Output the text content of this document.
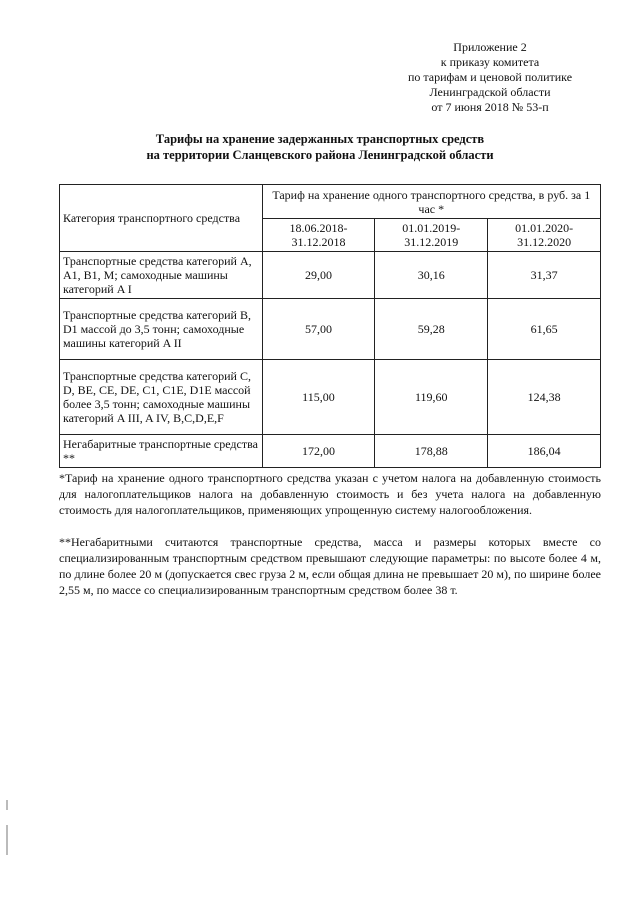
Приложение 2
к приказу комитета
по тарифам и ценовой политике
Ленинградской области
от 7 июня 2018 № 53-п
Тарифы на хранение задержанных транспортных средств
на территории Сланцевского района Ленинградской области
Категория транспортного средства	Тариф на хранение одного транспортного средства, в руб. за 1 час *		
	18.06.2018-31.12.2018	01.01.2019-31.12.2019	01.01.2020-31.12.2020
Транспортные средства категорий A, A1, B1, M; самоходные машины категорий A I	29,00	30,16	31,37
Транспортные средства категорий B, D1 массой до 3,5 тонн; самоходные машины категорий A II	57,00	59,28	61,65
Транспортные средства категорий C, D, BE, CE, DE, C1, C1E, D1E массой более 3,5 тонн; самоходные машины категорий A III, A IV, B,C,D,E,F	115,00	119,60	124,38
Негабаритные транспортные средства **	172,00	178,88	186,04

*Тариф на хранение одного транспортного средства указан с учетом налога на добавленную стоимость для налогоплательщиков налога на добавленную стоимость и без учета налога на добавленную стоимость для налогоплательщиков, применяющих упрощенную систему налогообложения.

**Негабаритными считаются транспортные средства, масса и размеры которых вместе со специализированным транспортным средством превышают следующие параметры: по высоте более 4 м, по длине более 20 м (допускается свес груза 2 м, если общая длина не превышает 20 м), по ширине более 2,55 м, по массе со специализированным транспортным средством более 38 т.
